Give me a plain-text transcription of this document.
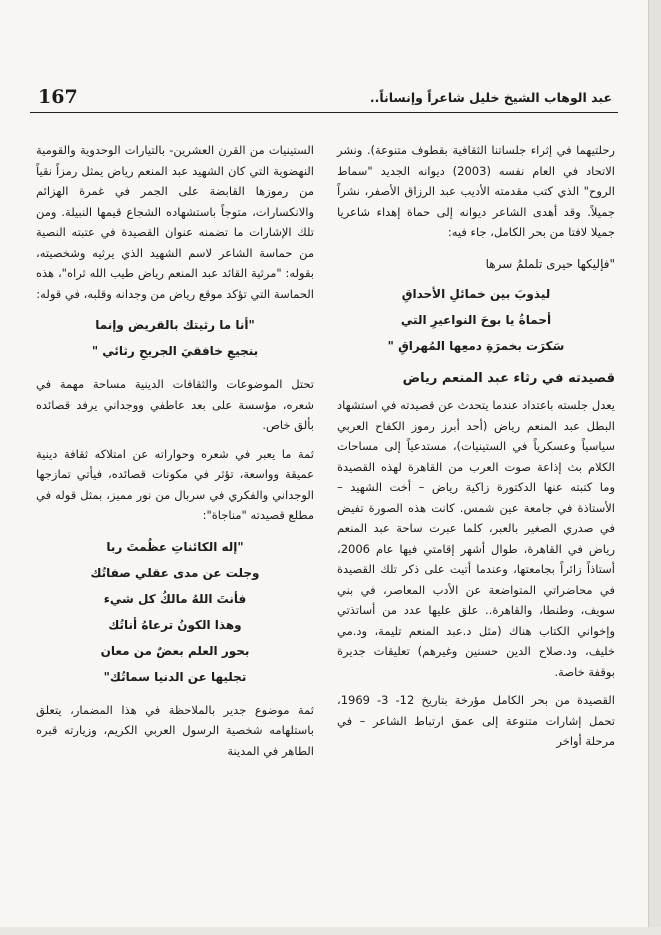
167	عبد الوهاب الشيخ خليل شاعراً وإنساناً..

رحلتيهما في إثراء جلساتنا الثقافية بقطوف متنوعة). ونشر الاتحاد في العام نفسه (2003) ديوانه الجديد "سماط الروح" الذي كتب مقدمته الأديب عبد الرزاق الأصفر، نشراً جميلاً. وقد أهدى الشاعر ديوانه إلى حماة إهداء شاعريا جميلا لافتا من بحر الكامل، جاء فيه:

"فإليكها حيرى تلملمُ سرها

ليذوبَ بين خمائلِ الأحداقِ

أحماةُ يا بوحَ النواعيرِ التي

سَكرَت بخمرَةِ دمعِها المُهراقِ "

قصيدته في رثاء عبد المنعم رياض

يعدل جلسته باعتداد عندما يتحدث عن قصيدته في استشهاد البطل عبد المنعم رياض (أحد أبرز رموز الكفاح العربي سياسياً وعسكرياً في الستينيات)، مستدعياً إلى مساحات الكلام بث إذاعة صوت العرب من القاهرة لهذه القصيدة وما كتبته عنها الدكتورة زاكية رياض – أخت الشهيد – الأستاذة في جامعة عين شمس. كانت هذه الصورة تفيض في صدري الصغير بالعبر، كلما عبرت ساحة عبد المنعم رياض في القاهرة، طوال أشهر إقامتي فيها عام 2006، أستاذاً زائراً بجامعتها، وعندما أتيت على ذكر تلك القصيدة في محاضراتي المتواضعة عن الأدب المعاصر، في بني سويف، وطنطا، والقاهرة.. علق عليها عدد من أساتذتي وإخواني الكتاب هناك (مثل د.عبد المنعم تليمة، ود.مي خليف، ود.صلاح الدين حسنين وغيرهم) تعليقات جديرة بوقفة خاصة.

القصيدة من بحر الكامل مؤرخة بتاريخ 12- 3- 1969، تحمل إشارات متنوعة إلى عمق ارتباط الشاعر – في مرحلة أواخر

الستينيات من القرن العشرين- بالتيارات الوحدوية والقومية النهضوية التي كان الشهيد عبد المنعم رياض يمثل رمزاً نقياً من رموزها القابضة على الجمر في غمرة الهزائم والانكسارات، متوجاً باستشهاده الشجاع قيمها النبيلة. ومن تلك الإشارات ما تضمنه عنوان القصيدة في عتبته النصية من حماسة الشاعر لاسم الشهيد الذي يرثيه وشخصيته، بقوله: "مرثية القائد عبد المنعم رياض طيب الله ثراه"، هذه الحماسة التي تؤكد موقع رياض من وجدانه وقلبه، في قوله:

"أنا ما رثيتك بالقريض وإنما

بنجيعِ خافقيَ الجريحِ رثائي "

تحتل الموضوعات والثقافات الدينية مساحة مهمة في شعره، مؤسسة على بعد عاطفي ووجداني يرفد قصائده بألق خاص.

ثمة ما يعبر في شعره وحواراته عن امتلاكه ثقافة دينية عميقة وواسعة، تؤثر في مكونات قصائده، فيأتي تمازجها الوجداني والفكري في سربال من نور مميز، بمثل قوله في مطلع قصيدته "مناجاة":

"إله الكائناتِ عظُمتَ ربا

وجلت عن مدى عقلي صفاتُك

فأنتَ اللهُ مالكُ كل شيء

وهذا الكونُ ترعاهُ أناتُك

بحور العلم بعضٌ من معان

تجليها عن الدنيا سماتُك"

ثمة موضوع جدير بالملاحظة في هذا المضمار، يتعلق باستلهامه شخصية الرسول العربي الكريم، وزيارته قبره الطاهر في المدينة
